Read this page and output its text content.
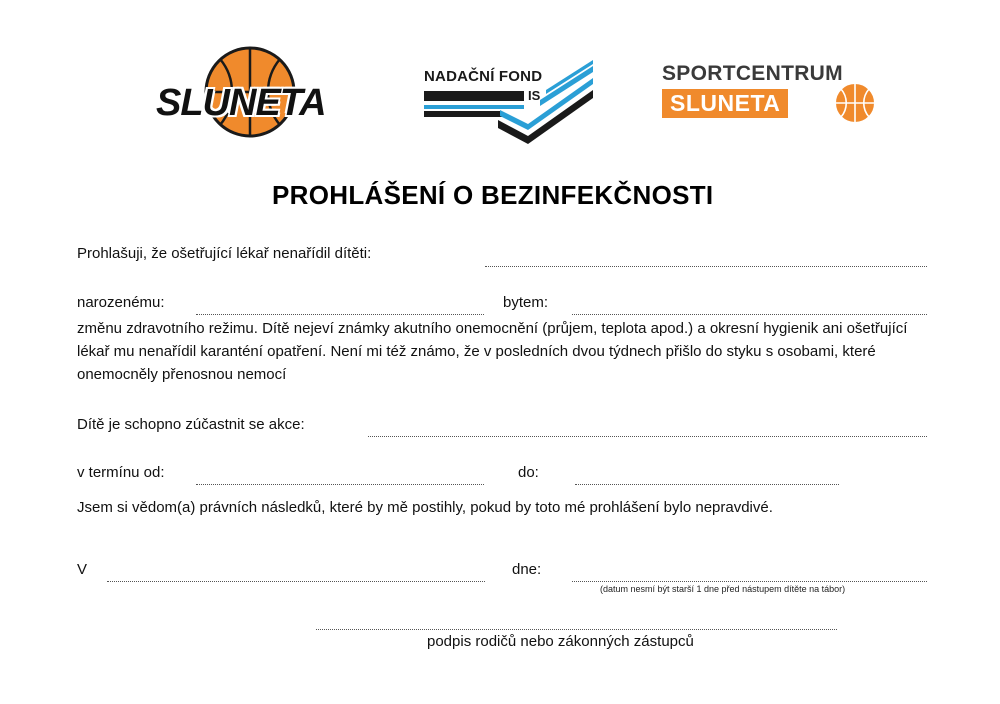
SLUNETA
NADAČNÍ FOND
IS
SPORTCENTRUM
SLUNETA
PROHLÁŠENÍ O BEZINFEKČNOSTI
Prohlašuji, že ošetřující lékař nenařídil dítěti:
narozenému:	bytem:
změnu zdravotního režimu. Dítě nejeví známky akutního onemocnění (průjem, teplota apod.) a okresní hygienik ani ošetřující lékař mu nenařídil karanténí opatření. Není mi též známo, že v posledních dvou týdnech přišlo do styku s osobami, které onemocněly přenosnou nemocí
Dítě je schopno zúčastnit se akce:
v termínu od:	do:
Jsem si vědom(a) právních následků, které by mě postihly, pokud by toto mé prohlášení bylo nepravdivé.
V	dne:
(datum nesmí být starší 1 dne před nástupem dítěte na tábor)
podpis rodičů nebo zákonných zástupců
